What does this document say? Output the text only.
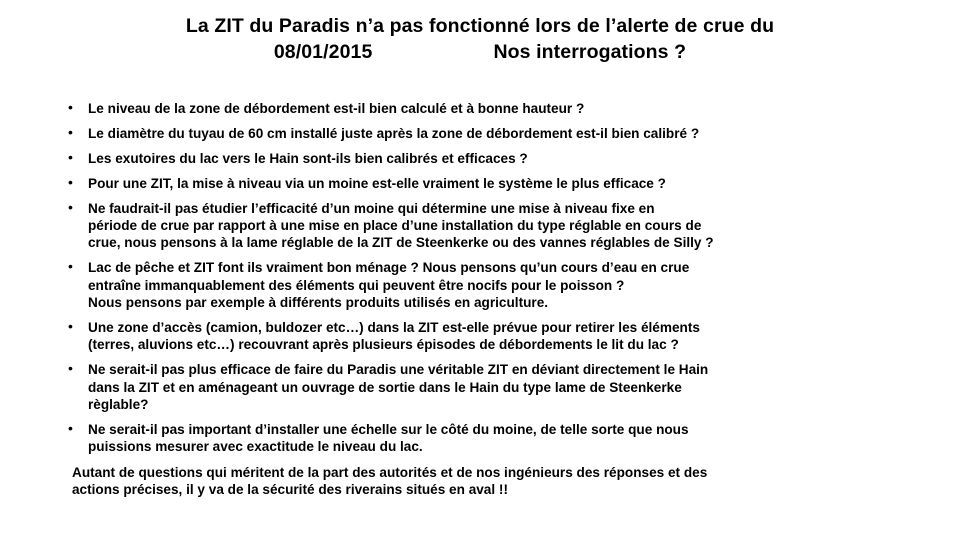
La ZIT du Paradis n’a pas fonctionné lors de l’alerte de crue du
08/01/2015	Nos interrogations ?
• Le niveau de la zone de débordement est-il bien calculé et à bonne hauteur ?
• Le diamètre du tuyau de 60 cm installé juste après la zone de débordement est-il bien calibré ?
• Les exutoires du lac vers le Hain sont-ils bien calibrés et efficaces ?
• Pour une ZIT, la mise à niveau via un moine est-elle vraiment le système le plus efficace ?
• Ne faudrait-il pas étudier l’efficacité d’un moine qui détermine une mise à niveau fixe en
période de crue par rapport à une mise en place d’une installation du type réglable en cours de
crue, nous pensons à la lame réglable de la ZIT de Steenkerke ou des vannes réglables de Silly ?
• Lac de pêche et ZIT font ils vraiment bon ménage ? Nous pensons qu’un cours d’eau en crue
entraîne immanquablement des éléments qui peuvent être nocifs pour le poisson ?
Nous pensons par exemple à différents produits utilisés en agriculture.
• Une zone d’accès (camion, buldozer etc…) dans la ZIT est-elle prévue pour retirer les éléments
(terres, aluvions etc…) recouvrant après plusieurs épisodes de débordements le lit du lac ?
• Ne serait-il pas plus efficace de faire du Paradis une véritable ZIT en déviant directement le Hain
dans la ZIT et en aménageant un ouvrage de sortie dans le Hain du type lame de Steenkerke
règlable?
• Ne serait-il pas important d’installer une échelle sur le côté du moine, de telle sorte que nous
puissions mesurer avec exactitude le niveau du lac.
Autant de questions qui méritent de la part des autorités et de nos ingénieurs des réponses et des
actions précises, il y va de la sécurité des riverains situés en aval !!
